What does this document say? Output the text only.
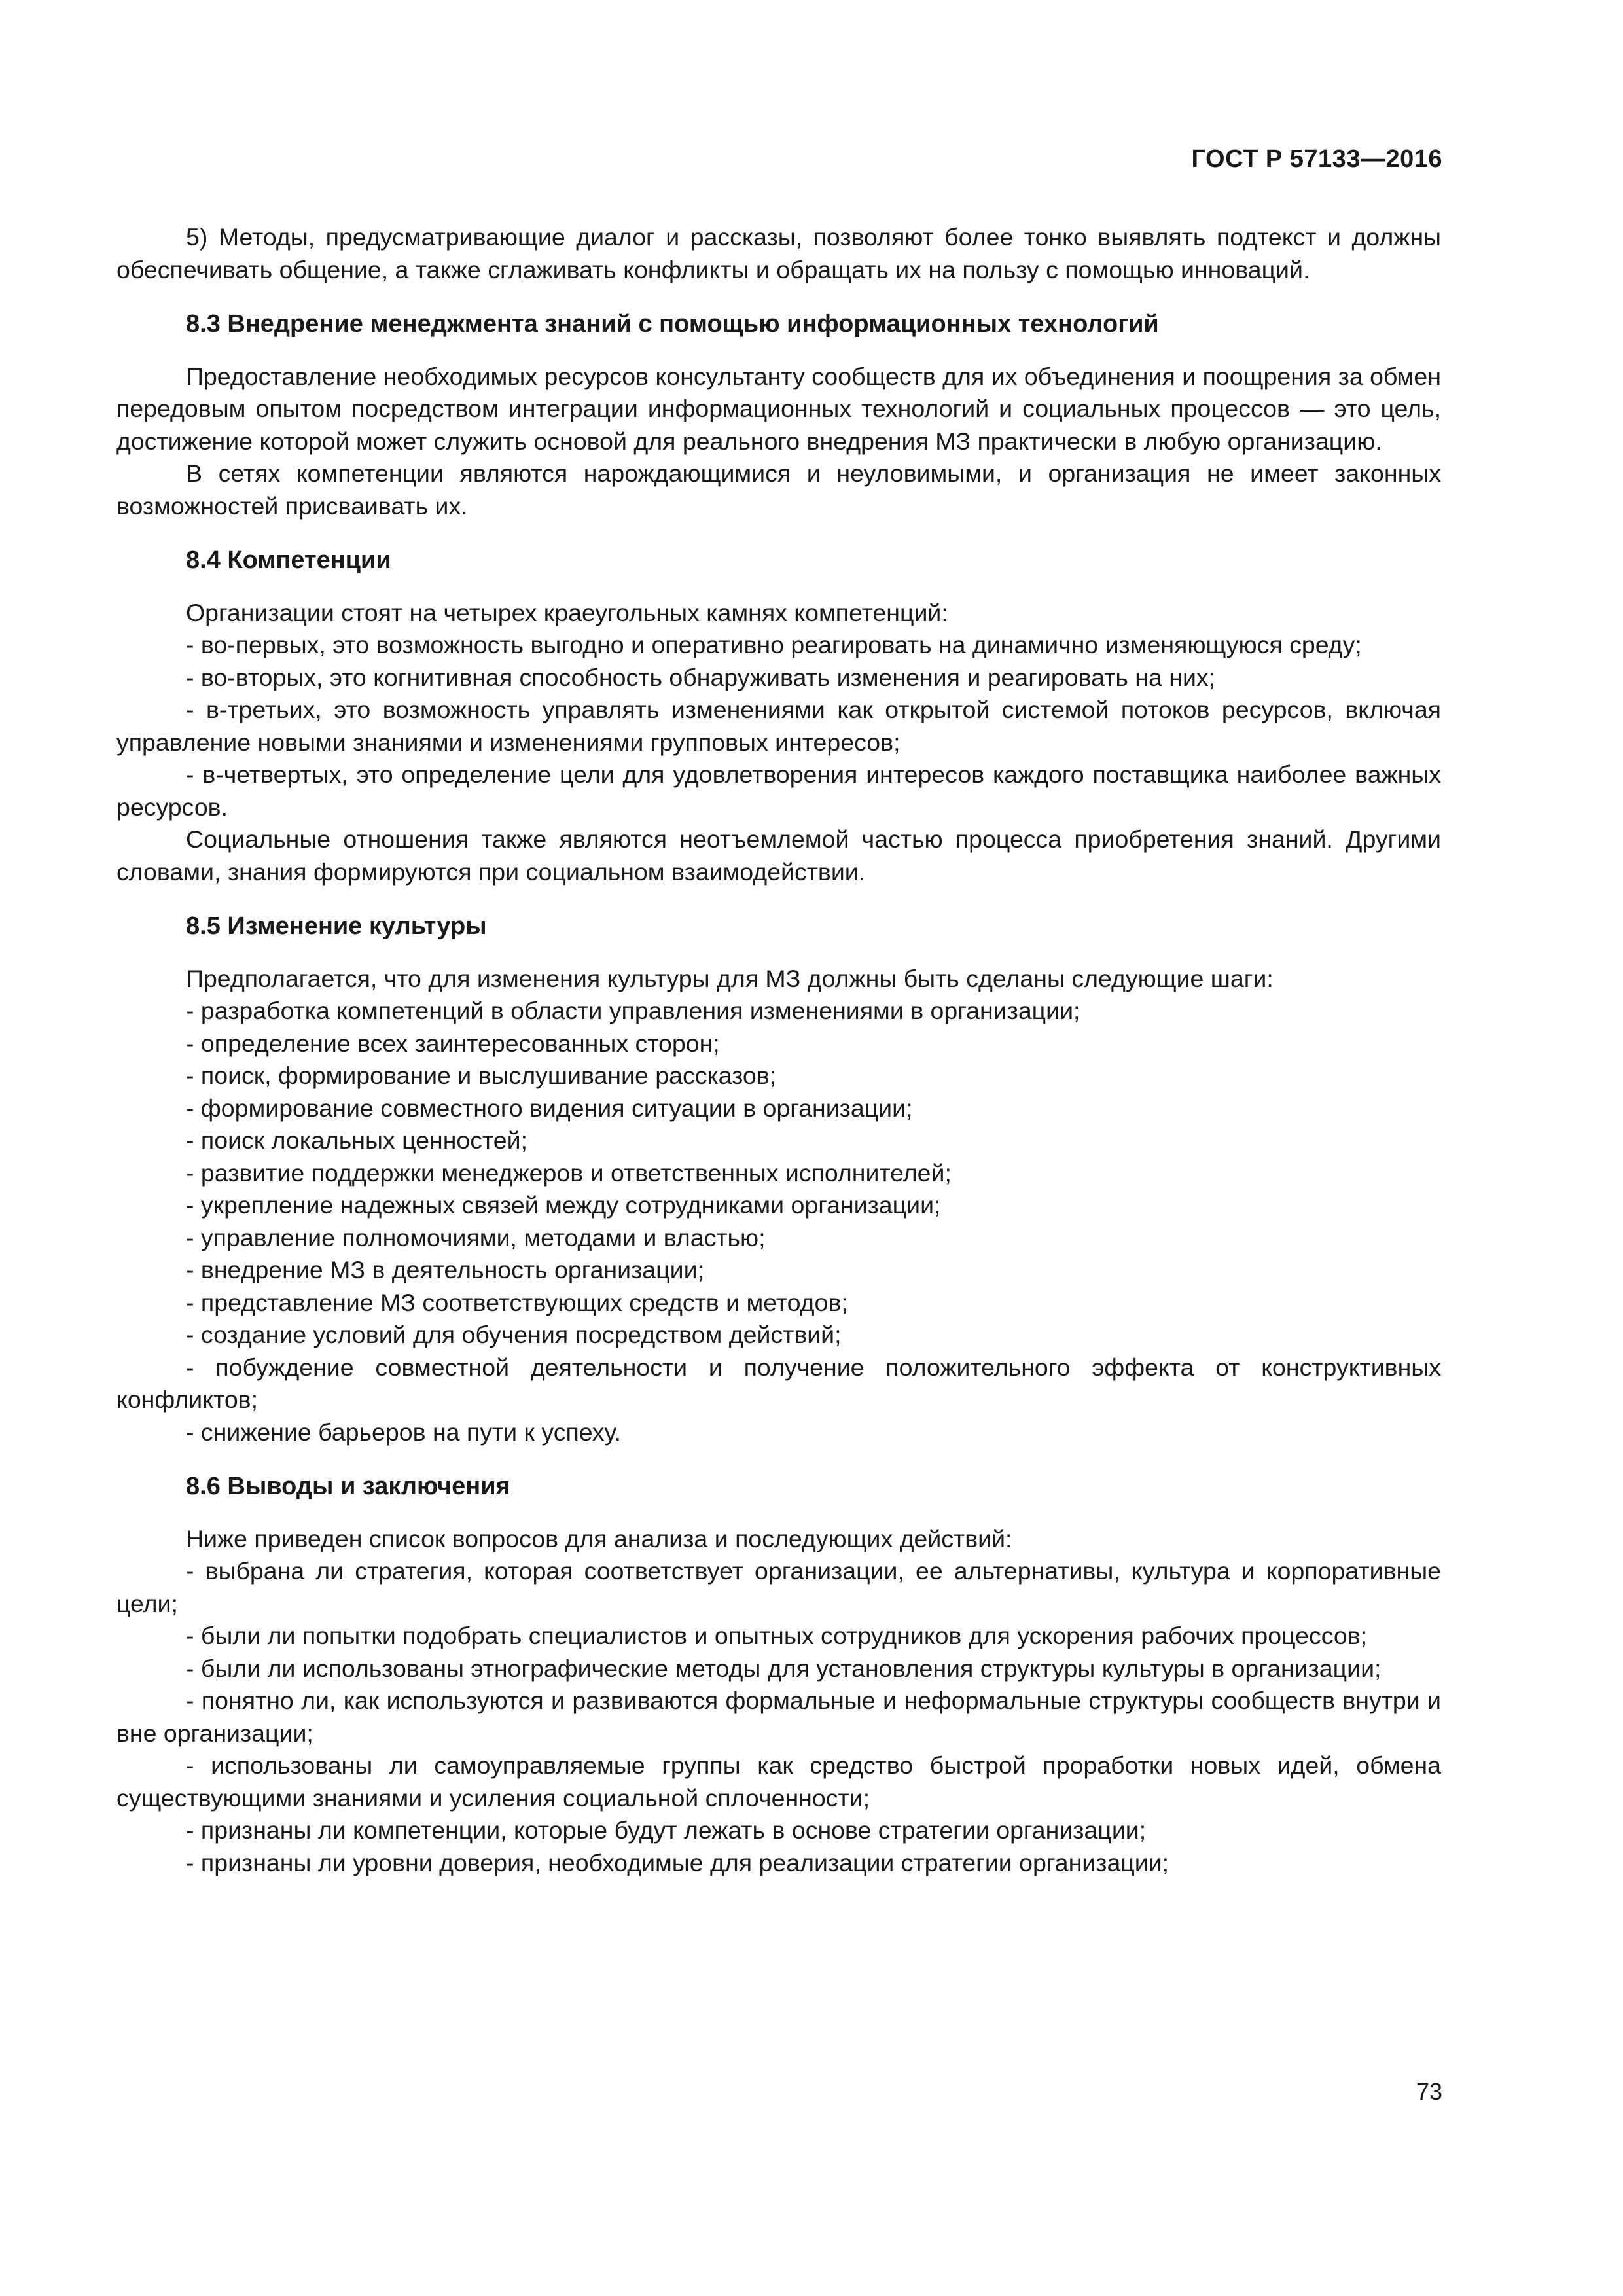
ГОСТ Р 57133—2016

5) Методы, предусматривающие диалог и рассказы, позволяют более тонко выявлять подтекст и должны обеспечивать общение, а также сглаживать конфликты и обращать их на пользу с помощью инноваций.

8.3 Внедрение менеджмента знаний с помощью информационных технологий

Предоставление необходимых ресурсов консультанту сообществ для их объединения и поощрения за обмен передовым опытом посредством интеграции информационных технологий и социальных процессов — это цель, достижение которой может служить основой для реального внедрения МЗ практически в любую организацию.

В сетях компетенции являются нарождающимися и неуловимыми, и организация не имеет законных возможностей присваивать их.

8.4 Компетенции

Организации стоят на четырех краеугольных камнях компетенций:

- во-первых, это возможность выгодно и оперативно реагировать на динамично изменяющуюся среду;

- во-вторых, это когнитивная способность обнаруживать изменения и реагировать на них;

- в-третьих, это возможность управлять изменениями как открытой системой потоков ресурсов, включая управление новыми знаниями и изменениями групповых интересов;

- в-четвертых, это определение цели для удовлетворения интересов каждого поставщика наиболее важных ресурсов.

Социальные отношения также являются неотъемлемой частью процесса приобретения знаний. Другими словами, знания формируются при социальном взаимодействии.

8.5 Изменение культуры

Предполагается, что для изменения культуры для МЗ должны быть сделаны следующие шаги:

- разработка компетенций в области управления изменениями в организации;

- определение всех заинтересованных сторон;

- поиск, формирование и выслушивание рассказов;

- формирование совместного видения ситуации в организации;

- поиск локальных ценностей;

- развитие поддержки менеджеров и ответственных исполнителей;

- укрепление надежных связей между сотрудниками организации;

- управление полномочиями, методами и властью;

- внедрение МЗ в деятельность организации;

- представление МЗ соответствующих средств и методов;

- создание условий для обучения посредством действий;

- побуждение совместной деятельности и получение положительного эффекта от конструктивных конфликтов;

- снижение барьеров на пути к успеху.

8.6 Выводы и заключения

Ниже приведен список вопросов для анализа и последующих действий:

- выбрана ли стратегия, которая соответствует организации, ее альтернативы, культура и корпоративные цели;

- были ли попытки подобрать специалистов и опытных сотрудников для ускорения рабочих процессов;

- были ли использованы этнографические методы для установления структуры культуры в организации;

- понятно ли, как используются и развиваются формальные и неформальные структуры сообществ внутри и вне организации;

- использованы ли самоуправляемые группы как средство быстрой проработки новых идей, обмена существующими знаниями и усиления социальной сплоченности;

- признаны ли компетенции, которые будут лежать в основе стратегии организации;

- признаны ли уровни доверия, необходимые для реализации стратегии организации;

73
